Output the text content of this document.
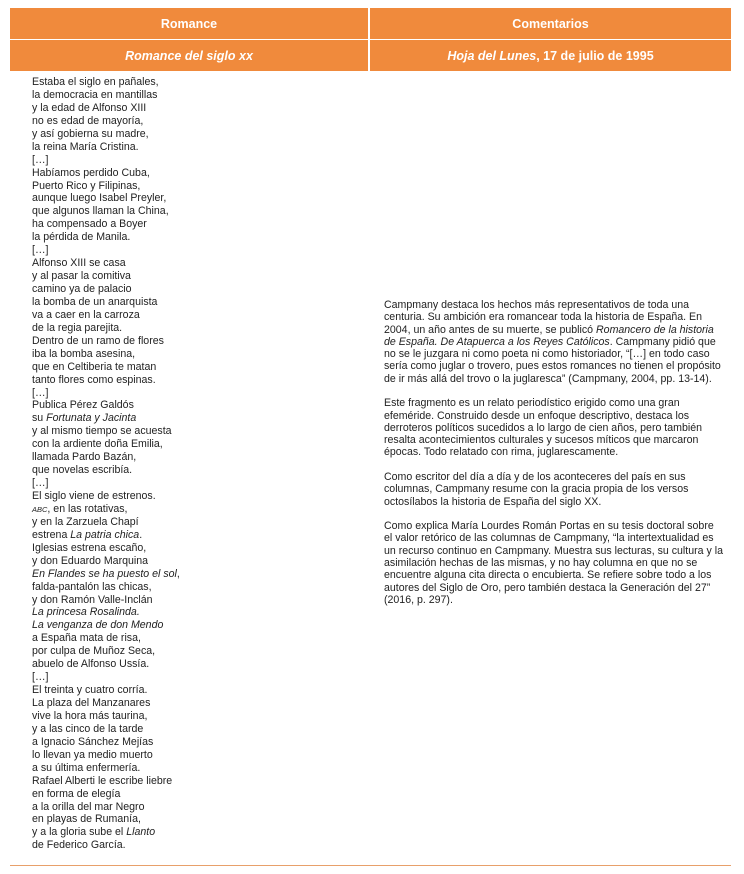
Romance	Comentarios
Romance del siglo xx	Hoja del Lunes , 17 de julio de 1995
Estaba el siglo en pañales,
la democracia en mantillas
y la edad de Alfonso XIII
no es edad de mayoría,
y así gobierna su madre,
la reina María Cristina.
[…]
Habíamos perdido Cuba,
Puerto Rico y Filipinas,
aunque luego Isabel Preyler,
que algunos llaman la China,
ha compensado a Boyer
la pérdida de Manila.
[…]
Alfonso XIII se casa
y al pasar la comitiva
camino ya de palacio
la bomba de un anarquista
va a caer en la carroza
de la regia parejita.
Dentro de un ramo de flores
iba la bomba asesina,
que en Celtiberia te matan
tanto flores como espinas.
[…]
Publica Pérez Galdós
su Fortunata y Jacinta
y al mismo tiempo se acuesta
con la ardiente doña Emilia,
llamada Pardo Bazán,
que novelas escribía.
[…]
El siglo viene de estrenos.
ABC, en las rotativas,
y en la Zarzuela Chapí
estrena La patria chica.
Iglesias estrena escaño,
y don Eduardo Marquina
En Flandes se ha puesto el sol,
falda-pantalón las chicas,
y don Ramón Valle-Inclán
La princesa Rosalinda.
La venganza de don Mendo
a España mata de risa,
por culpa de Muñoz Seca,
abuelo de Alfonso Ussía.
[…]
El treinta y cuatro corría.
La plaza del Manzanares
vive la hora más taurina,
y a las cinco de la tarde
a Ignacio Sánchez Mejías
lo llevan ya medio muerto
a su última enfermería.
Rafael Alberti le escribe liebre
en forma de elegía
a la orilla del mar Negro
en playas de Rumanía,
y a la gloria sube el Llanto
de Federico García.

Campmany destaca los hechos más representativos de toda una centuria. Su ambición era romancear toda la historia de España. En 2004, un año antes de su muerte, se publicó Romancero de la historia de España. De Atapuerca a los Reyes Católicos. Campmany pidió que no se le juzgara ni como poeta ni como historiador, “[…] en todo caso sería como juglar o trovero, pues estos romances no tienen el propósito de ir más allá del trovo o la juglaresca” (Campmany, 2004, pp. 13-14).

Este fragmento es un relato periodístico erigido como una gran efeméride. Construido desde un enfoque descriptivo, destaca los derroteros políticos sucedidos a lo largo de cien años, pero también resalta acontecimientos culturales y sucesos míticos que marcaron épocas. Todo relatado con rima, juglarescamente.

Como escritor del día a día y de los aconteceres del país en sus columnas, Campmany resume con la gracia propia de los versos octosílabos la historia de España del siglo XX.

Como explica María Lourdes Román Portas en su tesis doctoral sobre el valor retórico de las columnas de Campmany, “la intertextualidad es un recurso continuo en Campmany. Muestra sus lecturas, su cultura y la asimilación hechas de las mismas, y no hay columna en que no se encuentre alguna cita directa o encubierta. Se refiere sobre todo a los autores del Siglo de Oro, pero también destaca la Generación del 27” (2016, p. 297).
